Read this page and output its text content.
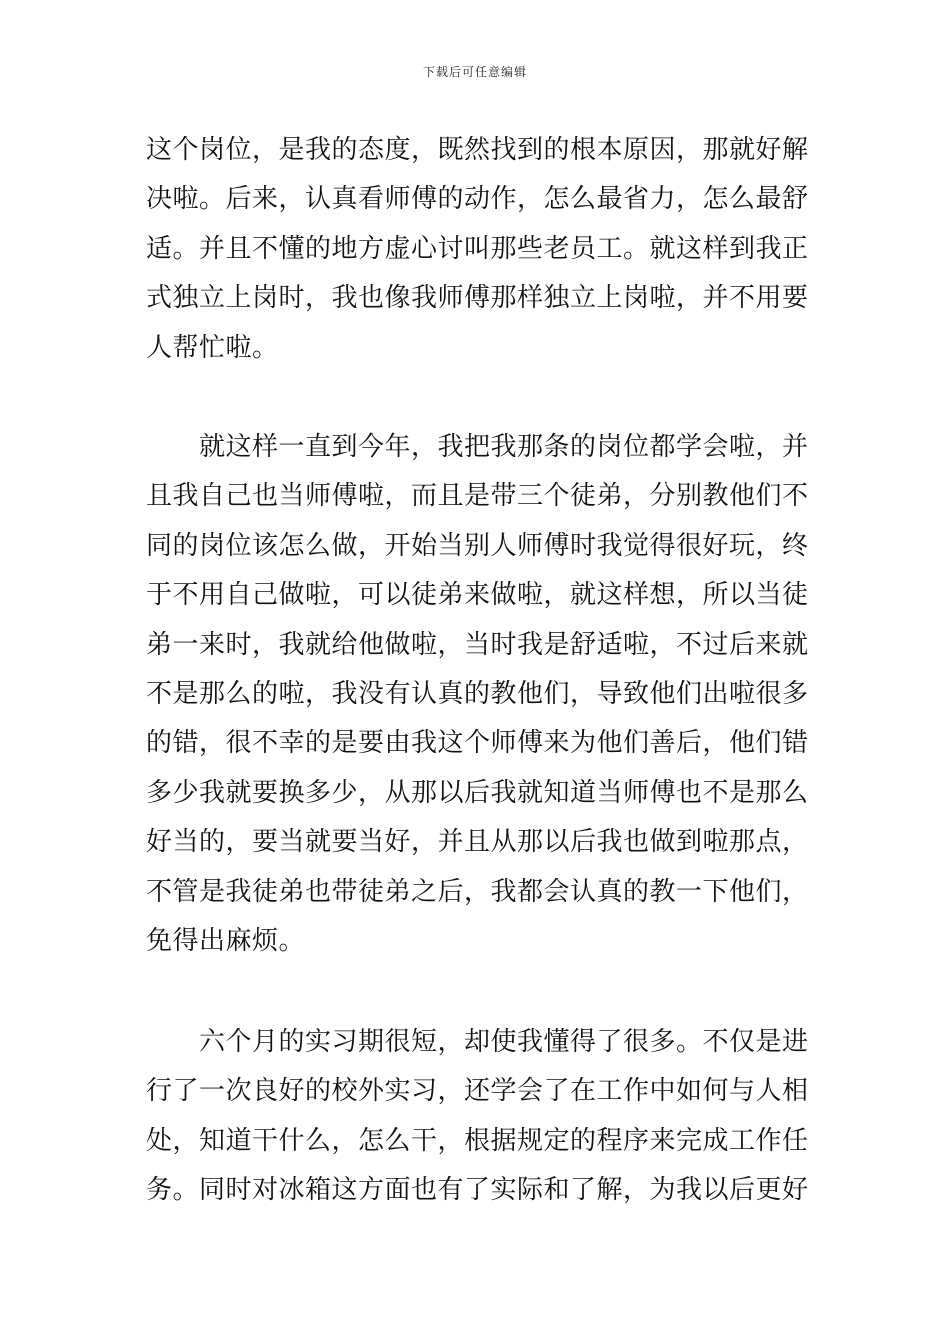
下载后可任意编辑
这个岗位，是我的态度，既然找到的根本原因，那就好解
决啦。后来，认真看师傅的动作，怎么最省力，怎么最舒
适。并且不懂的地方虚心讨叫那些老员工。就这样到我正
式独立上岗时，我也像我师傅那样独立上岗啦，并不用要
人帮忙啦。
　　就这样一直到今年，我把我那条的岗位都学会啦，并
且我自己也当师傅啦，而且是带三个徒弟，分别教他们不
同的岗位该怎么做，开始当别人师傅时我觉得很好玩，终
于不用自己做啦，可以徒弟来做啦，就这样想，所以当徒
弟一来时，我就给他做啦，当时我是舒适啦，不过后来就
不是那么的啦，我没有认真的教他们，导致他们出啦很多
的错，很不幸的是要由我这个师傅来为他们善后，他们错
多少我就要换多少，从那以后我就知道当师傅也不是那么
好当的，要当就要当好，并且从那以后我也做到啦那点，
不管是我徒弟也带徒弟之后，我都会认真的教一下他们，
免得出麻烦。
　　六个月的实习期很短，却使我懂得了很多。不仅是进
行了一次良好的校外实习，还学会了在工作中如何与人相
处，知道干什么，怎么干，根据规定的程序来完成工作任
务。同时对冰箱这方面也有了实际和了解，为我以后更好
